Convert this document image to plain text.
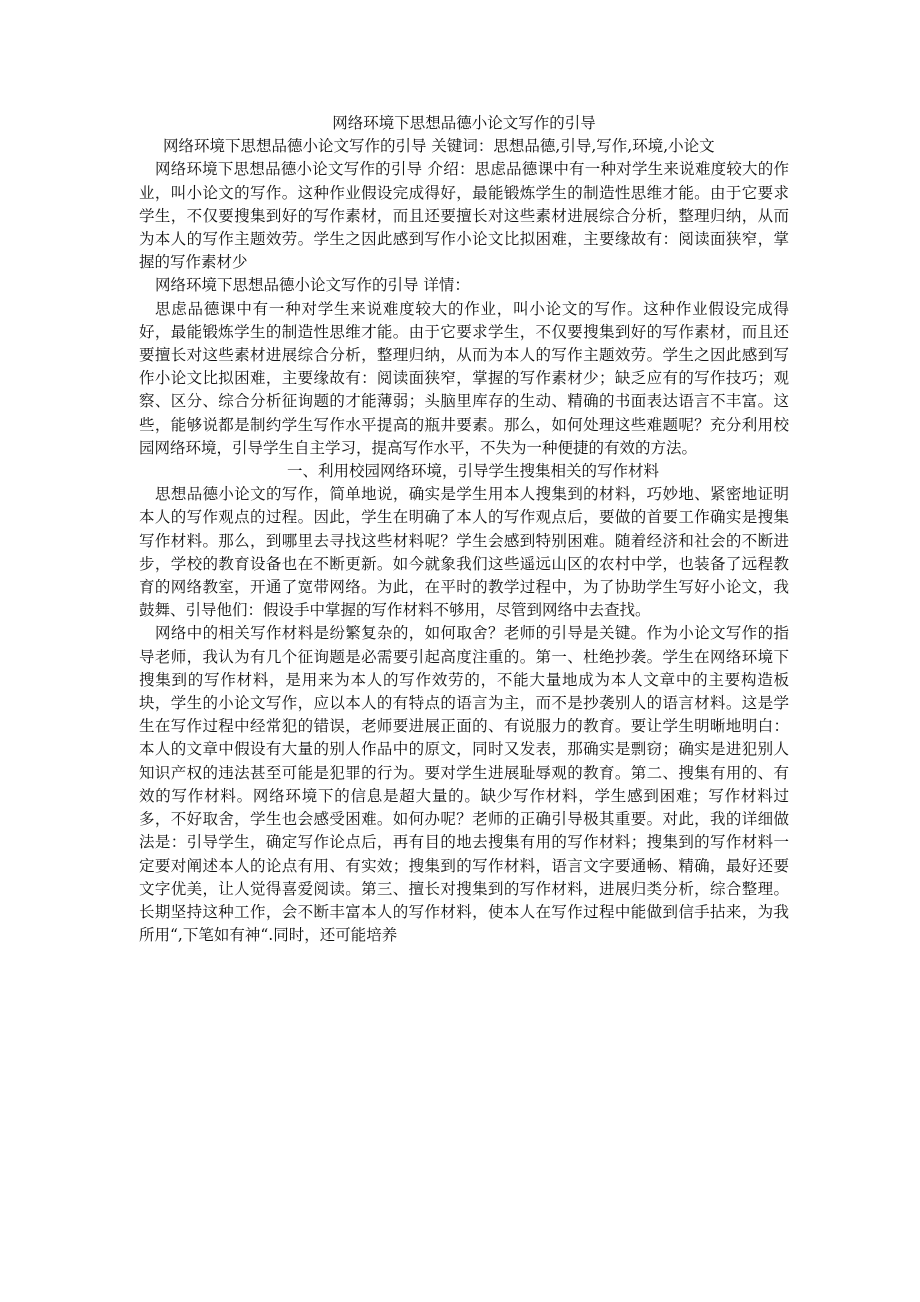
网络环境下思想品德小论文写作的引导

网络环境下思想品德小论文写作的引导 关键词：思想品德,引导,写作,环境,小论文

网络环境下思想品德小论文写作的引导 介绍：思虑品德课中有一种对学生来说难度较大的作业，叫小论文的写作。这种作业假设完成得好，最能锻炼学生的制造性思维才能。由于它要求学生，不仅要搜集到好的写作素材，而且还要擅长对这些素材进展综合分析，整理归纳，从而为本人的写作主题效劳。学生之因此感到写作小论文比拟困难，主要缘故有：阅读面狭窄，掌握的写作素材少

网络环境下思想品德小论文写作的引导 详情：

思虑品德课中有一种对学生来说难度较大的作业，叫小论文的写作。这种作业假设完成得好，最能锻炼学生的制造性思维才能。由于它要求学生，不仅要搜集到好的写作素材，而且还要擅长对这些素材进展综合分析，整理归纳，从而为本人的写作主题效劳。学生之因此感到写作小论文比拟困难，主要缘故有：阅读面狭窄，掌握的写作素材少；缺乏应有的写作技巧；观察、区分、综合分析征询题的才能薄弱；头脑里库存的生动、精确的书面表达语言不丰富。这些，能够说都是制约学生写作水平提高的瓶井要素。那么，如何处理这些难题呢？充分利用校园网络环境，引导学生自主学习，提高写作水平，不失为一种便捷的有效的方法。

一、利用校园网络环境，引导学生搜集相关的写作材料

思想品德小论文的写作，简单地说，确实是学生用本人搜集到的材料，巧妙地、紧密地证明本人的写作观点的过程。因此，学生在明确了本人的写作观点后，要做的首要工作确实是搜集写作材料。那么，到哪里去寻找这些材料呢？学生会感到特别困难。随着经济和社会的不断进步，学校的教育设备也在不断更新。如今就象我们这些遥远山区的农村中学，也装备了远程教育的网络教室，开通了宽带网络。为此，在平时的教学过程中，为了协助学生写好小论文，我鼓舞、引导他们：假设手中掌握的写作材料不够用，尽管到网络中去查找。

网络中的相关写作材料是纷繁复杂的，如何取舍？老师的引导是关键。作为小论文写作的指导老师，我认为有几个征询题是必需要引起高度注重的。第一、杜绝抄袭。学生在网络环境下搜集到的写作材料，是用来为本人的写作效劳的，不能大量地成为本人文章中的主要构造板块，学生的小论文写作，应以本人的有特点的语言为主，而不是抄袭别人的语言材料。这是学生在写作过程中经常犯的错误，老师要进展正面的、有说服力的教育。要让学生明晰地明白：本人的文章中假设有大量的别人作品中的原文，同时又发表，那确实是剽窃；确实是进犯别人知识产权的违法甚至可能是犯罪的行为。要对学生进展耻辱观的教育。第二、搜集有用的、有效的写作材料。网络环境下的信息是超大量的。缺少写作材料，学生感到困难；写作材料过多，不好取舍，学生也会感受困难。如何办呢？老师的正确引导极其重要。对此，我的详细做法是：引导学生，确定写作论点后，再有目的地去搜集有用的写作材料；搜集到的写作材料一定要对阐述本人的论点有用、有实效；搜集到的写作材料，语言文字要通畅、精确，最好还要文字优美，让人觉得喜爱阅读。第三、擅长对搜集到的写作材料，进展归类分析，综合整理。长期坚持这种工作，会不断丰富本人的写作材料，使本人在写作过程中能做到信手拈来，为我所用“,下笔如有神“.同时，还可能培养
